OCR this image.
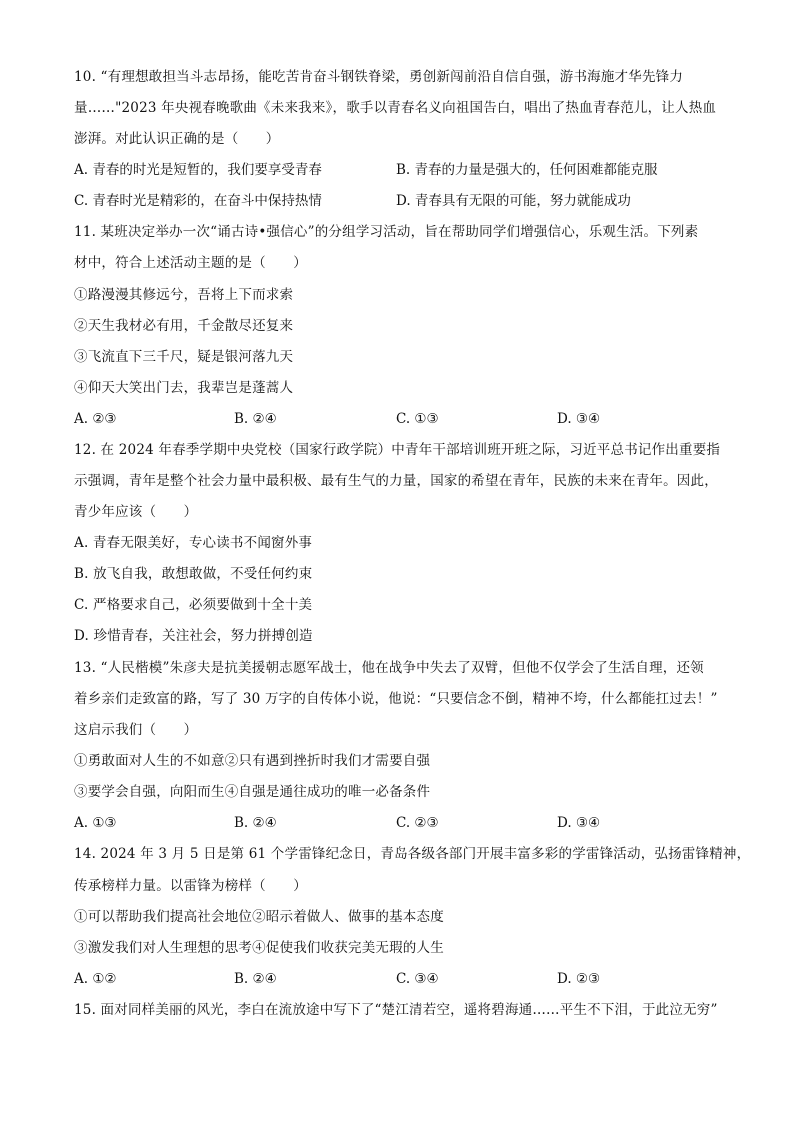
10. “有理想敢担当斗志昂扬，能吃苦肯奋斗钢铁脊梁，勇创新闯前沿自信自强，游书海施才华先锋力
量……"2023 年央视春晚歌曲《未来我来》，歌手以青春名义向祖国告白，唱出了热血青春范儿，让人热血
澎湃。对此认识正确的是（　　）
A. 青春的时光是短暂的，我们要享受青春	B. 青春的力量是强大的，任何困难都能克服
C. 青春时光是精彩的，在奋斗中保持热情	D. 青春具有无限的可能，努力就能成功
11. 某班决定举办一次“诵古诗•强信心”的分组学习活动，旨在帮助同学们增强信心，乐观生活。下列素
材中，符合上述活动主题的是（　　）
①路漫漫其修远兮，吾将上下而求索
②天生我材必有用，千金散尽还复来
③飞流直下三千尺，疑是银河落九天
④仰天大笑出门去，我辈岂是蓬蒿人
A. ②③	B. ②④	C. ①③	D. ③④
12. 在 2024 年春季学期中央党校（国家行政学院）中青年干部培训班开班之际，习近平总书记作出重要指
示强调，青年是整个社会力量中最积极、最有生气的力量，国家的希望在青年，民族的未来在青年。因此，
青少年应该（　　）
A. 青春无限美好，专心读书不闻窗外事
B. 放飞自我，敢想敢做，不受任何约束
C. 严格要求自己，必须要做到十全十美
D. 珍惜青春，关注社会，努力拼搏创造
13. “人民楷模”朱彦夫是抗美援朝志愿军战士，他在战争中失去了双臂，但他不仅学会了生活自理，还领
着乡亲们走致富的路，写了 30 万字的自传体小说，他说：“只要信念不倒，精神不垮，什么都能扛过去！”
这启示我们（　　）
①勇敢面对人生的不如意②只有遇到挫折时我们才需要自强
③要学会自强，向阳而生④自强是通往成功的唯一必备条件
A. ①③	B. ②④	C. ②③	D. ③④
14. 2024 年 3 月 5 日是第 61 个学雷锋纪念日，青岛各级各部门开展丰富多彩的学雷锋活动，弘扬雷锋精神，
传承榜样力量。以雷锋为榜样（　　）
①可以帮助我们提高社会地位②昭示着做人、做事的基本态度
③激发我们对人生理想的思考④促使我们收获完美无瑕的人生
A. ①②	B. ②④	C. ③④	D. ②③
15. 面对同样美丽的风光，李白在流放途中写下了“楚江清若空，遥将碧海通……平生不下泪，于此泣无穷”
